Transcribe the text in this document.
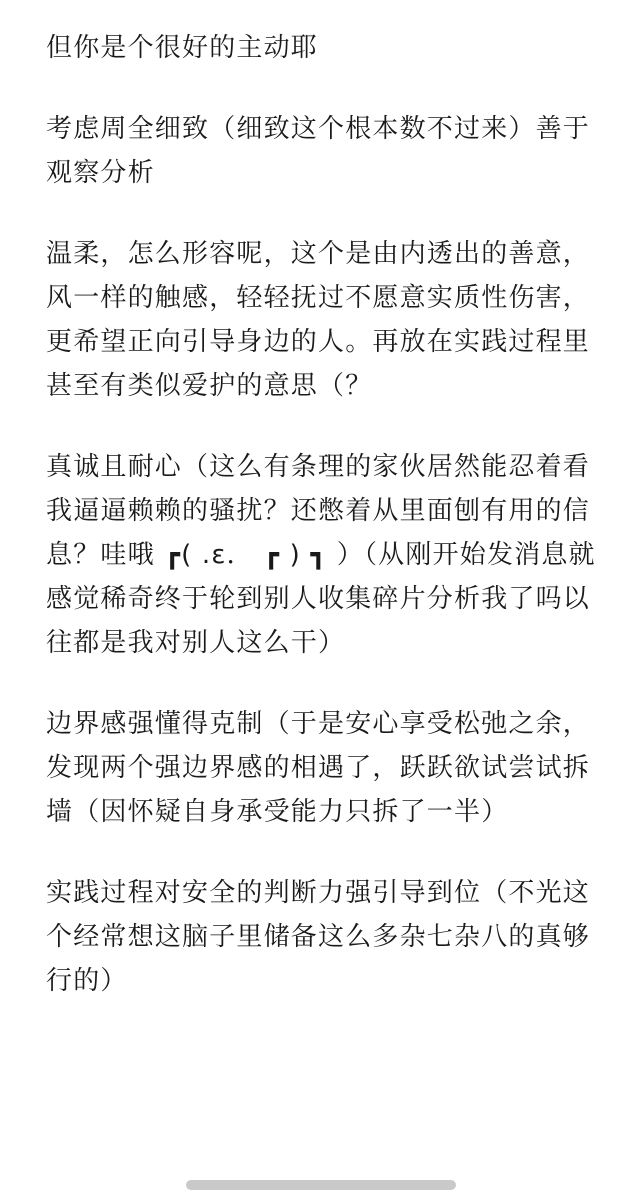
但你是个很好的主动耶

考虑周全细致（细致这个根本数不过来）善于观察分析

温柔，怎么形容呢，这个是由内透出的善意，风一样的触感，轻轻抚过不愿意实质性伤害，更希望正向引导身边的人。再放在实践过程里甚至有类似爱护的意思（？

真诚且耐心（这么有条理的家伙居然能忍着看我逼逼赖赖的骚扰？还憋着从里面刨有用的信息？哇哦 ┏( .ε． ┏ ) ┓ ）（从刚开始发消息就感觉稀奇终于轮到别人收集碎片分析我了吗以往都是我对别人这么干）

边界感强懂得克制（于是安心享受松弛之余，发现两个强边界感的相遇了，跃跃欲试尝试拆墙（因怀疑自身承受能力只拆了一半）

实践过程对安全的判断力强引导到位（不光这个经常想这脑子里储备这么多杂七杂八的真够行的）
